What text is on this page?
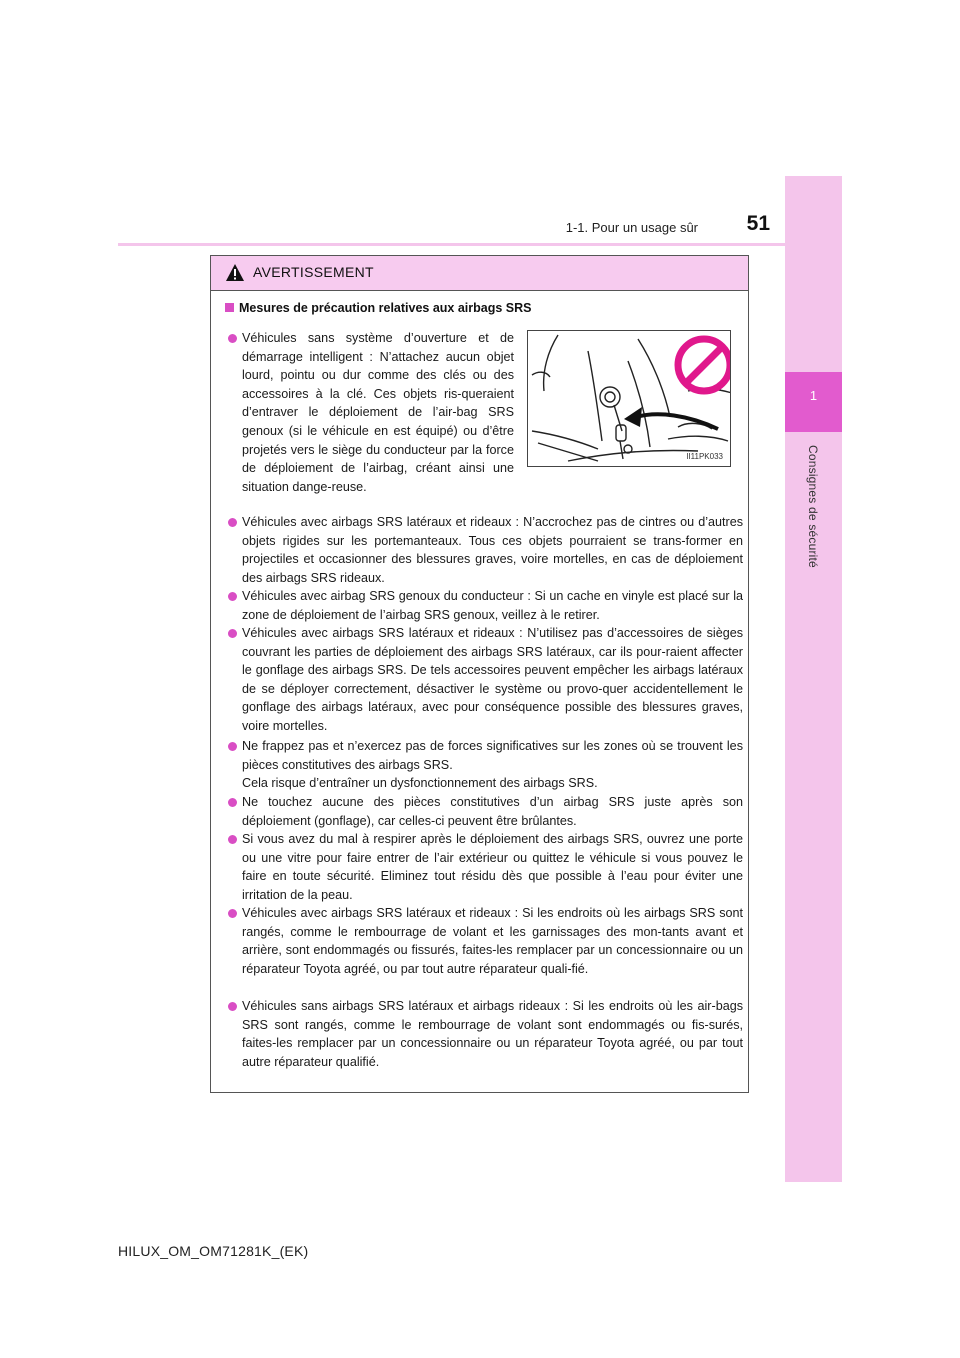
1
Consignes de sécurité
1-1. Pour un usage sûr	51
AVERTISSEMENT
Mesures de précaution relatives aux airbags SRS
Véhicules sans système d’ouverture et de démarrage intelligent : N’attachez aucun objet lourd, pointu ou dur comme des clés ou des accessoires à la clé. Ces objets ris-queraient d’entraver le déploiement de l’air-bag SRS genoux (si le véhicule en est équipé) ou d’être projetés vers le siège du conducteur par la force de déploiement de l’airbag, créant ainsi une situation dange-reuse.
II11PK033
Véhicules avec airbags SRS latéraux et rideaux : N’accrochez pas de cintres ou d’autres objets rigides sur les portemanteaux. Tous ces objets pourraient se trans-former en projectiles et occasionner des blessures graves, voire mortelles, en cas de déploiement des airbags SRS rideaux.
Véhicules avec airbag SRS genoux du conducteur : Si un cache en vinyle est placé sur la zone de déploiement de l’airbag SRS genoux, veillez à le retirer.
Véhicules avec airbags SRS latéraux et rideaux : N’utilisez pas d’accessoires de sièges couvrant les parties de déploiement des airbags SRS latéraux, car ils pour-raient affecter le gonflage des airbags SRS. De tels accessoires peuvent empêcher les airbags latéraux de se déployer correctement, désactiver le système ou provo-quer accidentellement le gonflage des airbags latéraux, avec pour conséquence possible des blessures graves, voire mortelles.
Ne frappez pas et n’exercez pas de forces significatives sur les zones où se trouvent les pièces constitutives des airbags SRS.
Cela risque d’entraîner un dysfonctionnement des airbags SRS.
Ne touchez aucune des pièces constitutives d’un airbag SRS juste après son déploiement (gonflage), car celles-ci peuvent être brûlantes.
Si vous avez du mal à respirer après le déploiement des airbags SRS, ouvrez une porte ou une vitre pour faire entrer de l’air extérieur ou quittez le véhicule si vous pouvez le faire en toute sécurité. Eliminez tout résidu dès que possible à l’eau pour éviter une irritation de la peau.
Véhicules avec airbags SRS latéraux et rideaux : Si les endroits où les airbags SRS sont rangés, comme le rembourrage de volant et les garnissages des mon-tants avant et arrière, sont endommagés ou fissurés, faites-les remplacer par un concessionnaire ou un réparateur Toyota agréé, ou par tout autre réparateur quali-fié.
Véhicules sans airbags SRS latéraux et airbags rideaux : Si les endroits où les air-bags SRS sont rangés, comme le rembourrage de volant sont endommagés ou fis-surés, faites-les remplacer par un concessionnaire ou un réparateur Toyota agréé, ou par tout autre réparateur qualifié.
HILUX_OM_OM71281K_(EK)
